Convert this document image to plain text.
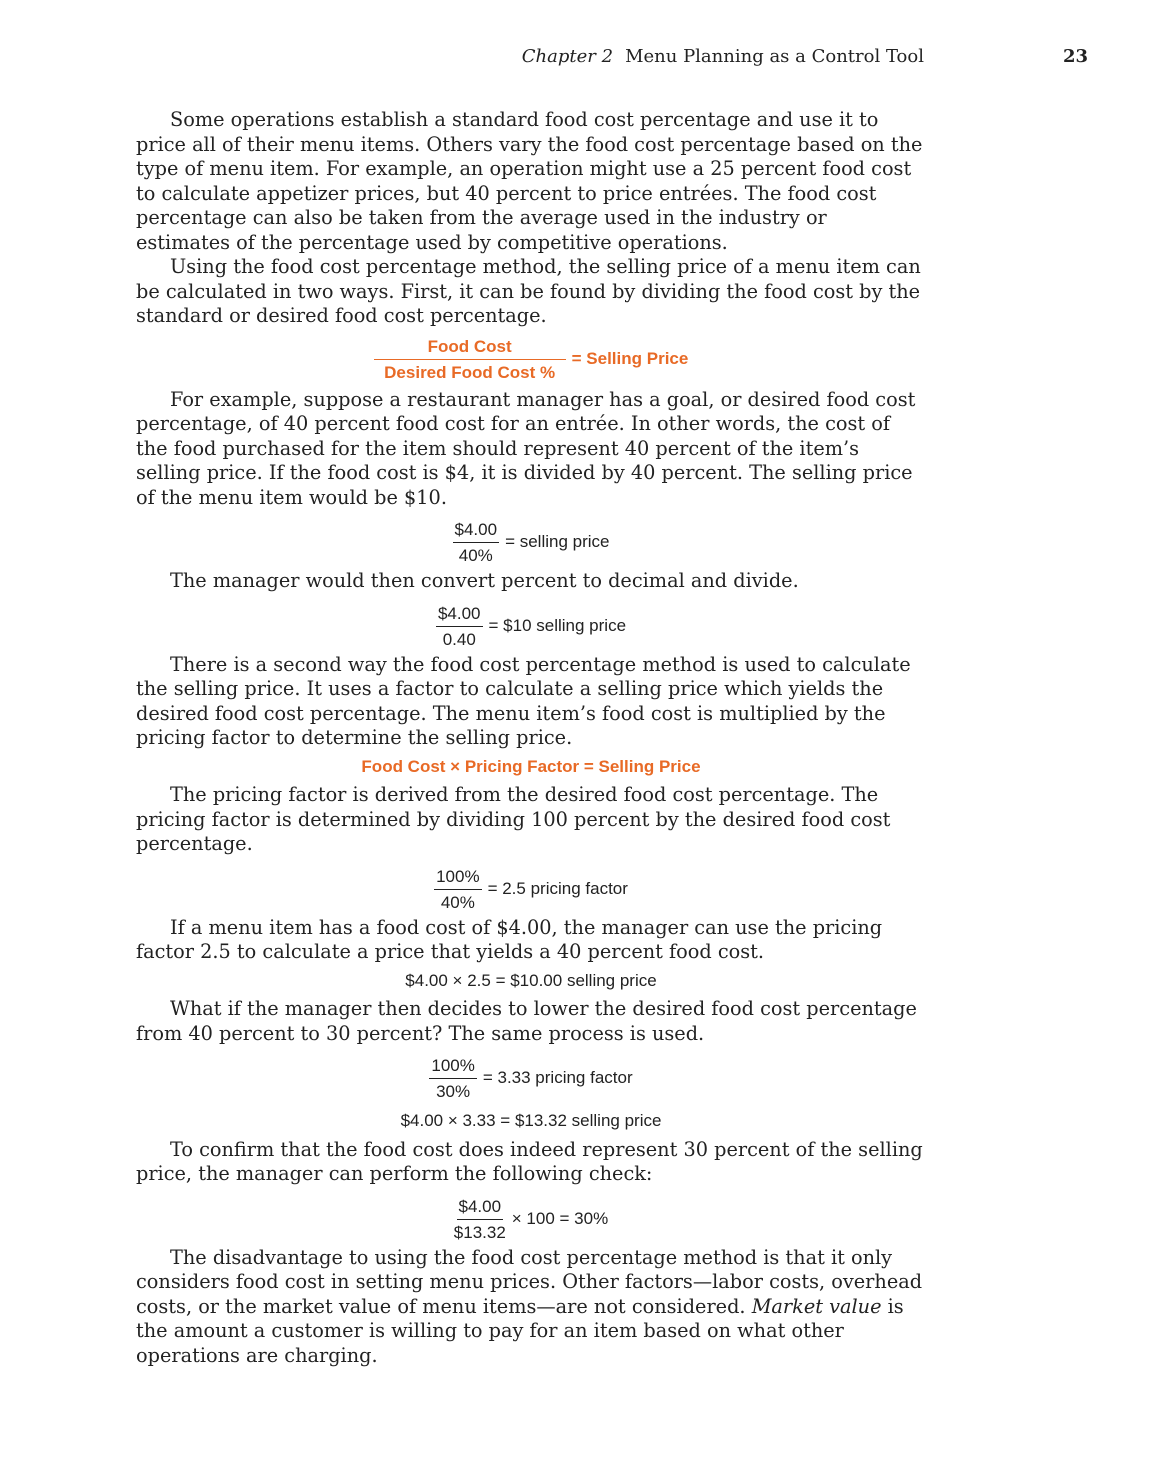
Chapter 2 Menu Planning as a Control Tool	23

Some operations establish a standard food cost percentage and use it to price all of their menu items. Others vary the food cost percentage based on the type of menu item. For example, an operation might use a 25 percent food cost to calculate appetizer prices, but 40 percent to price entrées. The food cost percentage can also be taken from the average used in the industry or estimates of the percentage used by competitive operations.

Using the food cost percentage method, the selling price of a menu item can be calculated in two ways. First, it can be found by dividing the food cost by the standard or desired food cost percentage.

$\frac{\text{Food Cost}}{\text{Desired Food Cost \%}}$ = Selling Price

For example, suppose a restaurant manager has a goal, or desired food cost percentage, of 40 percent food cost for an entrée. In other words, the cost of the food purchased for the item should represent 40 percent of the item’s selling price. If the food cost is $4, it is divided by 40 percent. The selling price of the menu item would be $10.

$\frac{\$4.00}{40\%}$ = selling price

The manager would then convert percent to decimal and divide.

$\frac{\$4.00}{0.40}$ = $10 selling price

There is a second way the food cost percentage method is used to calculate the selling price. It uses a factor to calculate a selling price which yields the desired food cost percentage. The menu item’s food cost is multiplied by the pricing factor to determine the selling price.

Food Cost × Pricing Factor = Selling Price

The pricing factor is derived from the desired food cost percentage. The pricing factor is determined by dividing 100 percent by the desired food cost percentage.

$\frac{100\%}{40\%} = 2.5$ pricing factor

If a menu item has a food cost of $4.00, the manager can use the pricing factor 2.5 to calculate a price that yields a 40 percent food cost.

$4.00 × 2.5 = $10.00 selling price

What if the manager then decides to lower the desired food cost percentage from 40 percent to 30 percent? The same process is used.

$\frac{100\%}{30\%} = 3.33$ pricing factor
$4.00 × 3.33 = $13.32 selling price

To confirm that the food cost does indeed represent 30 percent of the selling price, the manager can perform the following check:

$\frac{\$4.00}{\$13.32} \times 100 = 30\%$

The disadvantage to using the food cost percentage method is that it only considers food cost in setting menu prices. Other factors—labor costs, overhead costs, or the market value of menu items—are not considered. Market value is the amount a customer is willing to pay for an item based on what other operations are charging.
